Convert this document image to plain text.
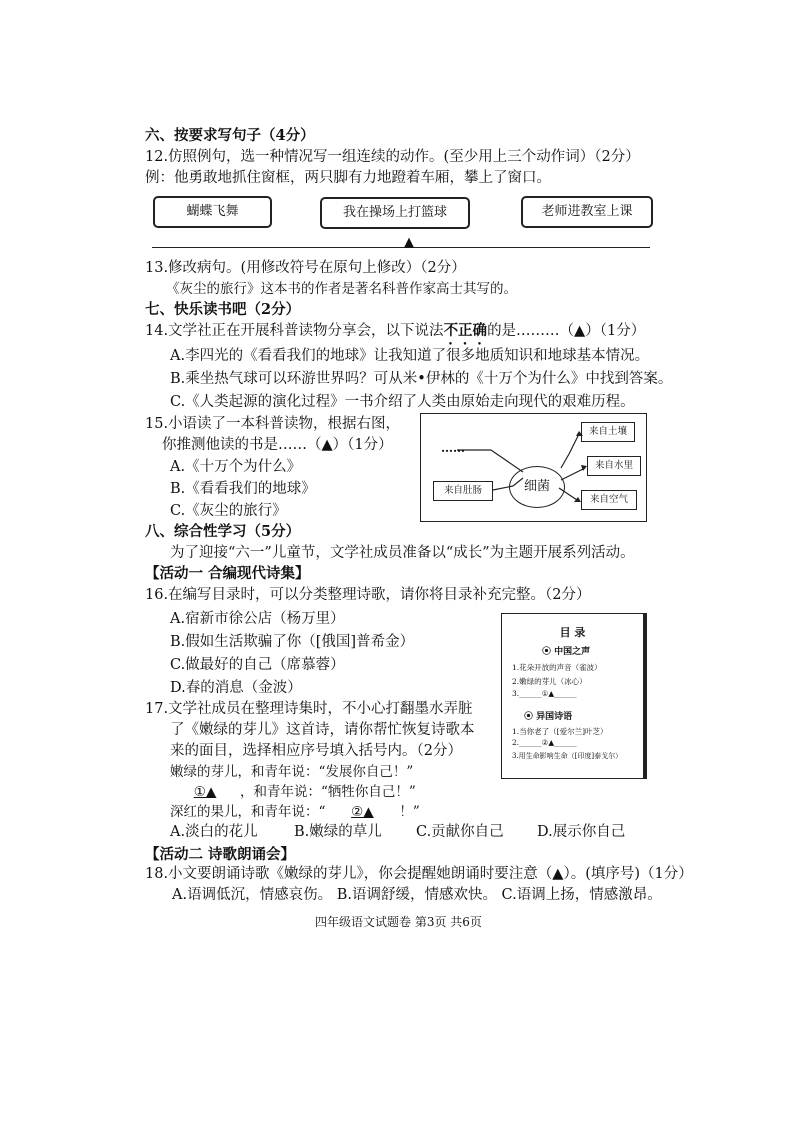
六、按要求写句子（4分）
12.仿照例句，选一种情况写一组连续的动作。(至少用上三个动作词）（2分）
例：他勇敢地抓住窗框，两只脚有力地蹬着车厢，攀上了窗口。
蝴蝶飞舞	我在操场上打篮球	老师进教室上课
▲
13.修改病句。(用修改符号在原句上修改）（2分）
《灰尘的旅行》这本书的作者是著名科普作家高士其写的。
七、快乐读书吧（2分）
14.文学社正在开展科普读物分享会，以下说法不正确的是………（▲）（1分）
A.李四光的《看看我们的地球》让我知道了很多地质知识和地球基本情况。
B.乘坐热气球可以环游世界吗？可从米•伊林的《十万个为什么》中找到答案。
C.《人类起源的演化过程》一书介绍了人类由原始走向现代的艰难历程。
15.小语读了一本科普读物，根据右图，
你推测他读的书是……（▲）（1分）
A.《十万个为什么》
B.《看看我们的地球》
C.《灰尘的旅行》
……
细菌
来自肚肠
来自土壤
来自水里
来自空气
八、综合性学习（5分）
为了迎接“六一”儿童节，文学社成员准备以“成长”为主题开展系列活动。
【活动一 合编现代诗集】
16.在编写目录时，可以分类整理诗歌，请你将目录补充完整。（2分）
A.宿新市徐公店（杨万里）
B.假如生活欺骗了你（[俄国]普希金）
C.做最好的自己（席慕蓉）
D.春的消息（金波）
目 录
⦿ 中国之声
1.花朵开放的声音（雀波）
2.嫩绿的芽儿（冰心）
3.______①▲______
⦿ 异国诗语
1.当你老了（[爱尔兰]叶芝）
2.______②▲______
3.用生命影响生命（[印度]泰戈尔）
17.文学社成员在整理诗集时，不小心打翻墨水弄脏
了《嫩绿的芽儿》这首诗，请你帮忙恢复诗歌本
来的面目，选择相应序号填入括号内。（2分）
嫩绿的芽儿，和青年说：“发展你自己！”
①▲ ，和青年说：“牺牲你自己！”
深红的果儿，和青年说：“ ②▲ ！”
A.淡白的花儿	B.嫩绿的草儿 C.贡献你自己 D.展示你自己
【活动二 诗歌朗诵会】
18.小文要朗诵诗歌《嫩绿的芽儿》，你会提醒她朗诵时要注意（▲）。(填序号)（1分）
A.语调低沉，情感哀伤。 B.语调舒缓，情感欢快。 C.语调上扬，情感激昂。
四年级语文试题卷 第3页 共6页
